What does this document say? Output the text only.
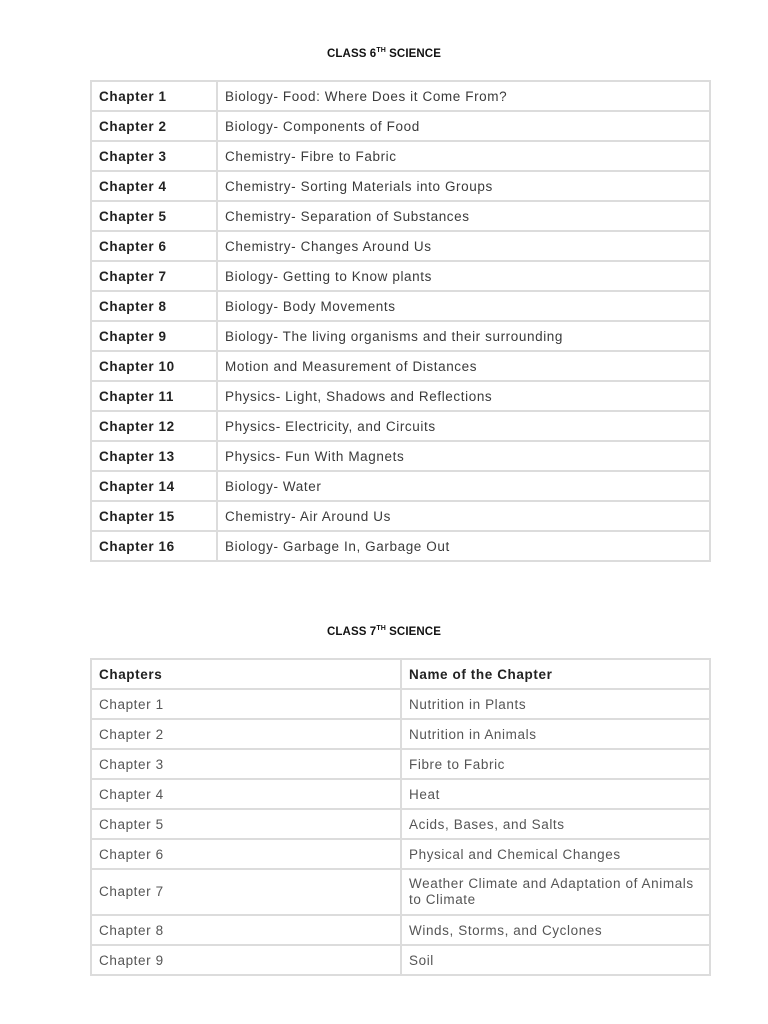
CLASS 6TH SCIENCE
Chapter 1	Biology- Food: Where Does it Come From?
Chapter 2	Biology- Components of Food
Chapter 3	Chemistry- Fibre to Fabric
Chapter 4	Chemistry- Sorting Materials into Groups
Chapter 5	Chemistry- Separation of Substances
Chapter 6	Chemistry- Changes Around Us
Chapter 7	Biology- Getting to Know plants
Chapter 8	Biology- Body Movements
Chapter 9	Biology- The living organisms and their surrounding
Chapter 10	Motion and Measurement of Distances
Chapter 11	Physics- Light, Shadows and Reflections
Chapter 12	Physics- Electricity, and Circuits
Chapter 13	Physics- Fun With Magnets
Chapter 14	Biology- Water
Chapter 15	Chemistry- Air Around Us
Chapter 16	Biology- Garbage In, Garbage Out
CLASS 7TH SCIENCE
Chapters	Name of the Chapter
Chapter 1	Nutrition in Plants
Chapter 2	Nutrition in Animals
Chapter 3	Fibre to Fabric
Chapter 4	Heat
Chapter 5	Acids, Bases, and Salts
Chapter 6	Physical and Chemical Changes
Chapter 7	Weather Climate and Adaptation of Animals to Climate
Chapter 8	Winds, Storms, and Cyclones
Chapter 9	Soil
